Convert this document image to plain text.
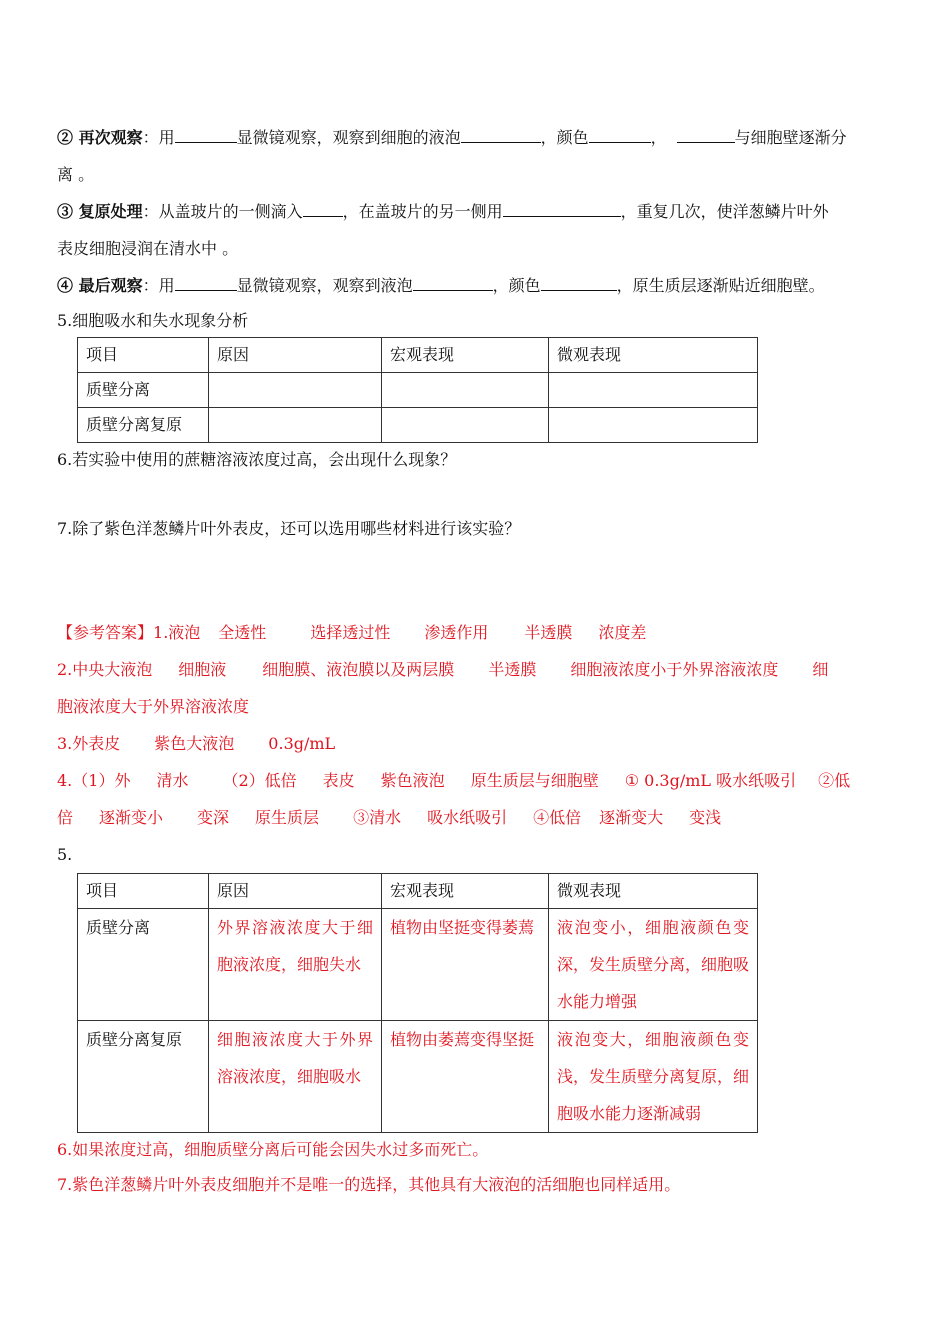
② 再次观察：用	显微镜观察，观察到细胞的液泡	，颜色	，	与细胞壁逐渐分
离 。
③ 复原处理：从盖玻片的一侧滴入	，在盖玻片的另一侧用	，重复几次，使洋葱鳞片叶外
表皮细胞浸润在清水中 。
④ 最后观察：用	显微镜观察，观察到液泡	，颜色	，原生质层逐渐贴近细胞壁。
5.细胞吸水和失水现象分析
项目	原因	宏观表现	微观表现
质壁分离			
质壁分离复原			
6.若实验中使用的蔗糖溶液浓度过高，会出现什么现象？
7.除了紫色洋葱鳞片叶外表皮，还可以选用哪些材料进行该实验？
【参考答案】1.液泡 全透性	选择透过性 渗透作用 半透膜 浓度差
2.中央大液泡 细胞液 细胞膜、液泡膜以及两层膜 半透膜 细胞液浓度小于外界溶液浓度 细
胞液浓度大于外界溶液浓度
3.外表皮 紫色大液泡 0.3g/mL
4.（1）外 清水 （2）低倍 表皮 紫色液泡 原生质层与细胞壁 ① 0.3g/mL 吸水纸吸引 ②低
倍 逐渐变小 变深 原生质层 ③清水 吸水纸吸引 ④低倍 逐渐变大 变浅
5.
项目	原因	宏观表现	微观表现
质壁分离	外界溶液浓度大于细胞液浓度，细胞失水	植物由坚挺变得萎蔫	液泡变小，细胞液颜色变深，发生质壁分离，细胞吸水能力增强
质壁分离复原	细胞液浓度大于外界溶液浓度，细胞吸水	植物由萎蔫变得坚挺	液泡变大，细胞液颜色变浅，发生质壁分离复原，细胞吸水能力逐渐减弱
6.如果浓度过高，细胞质壁分离后可能会因失水过多而死亡。
7.紫色洋葱鳞片叶外表皮细胞并不是唯一的选择，其他具有大液泡的活细胞也同样适用。
